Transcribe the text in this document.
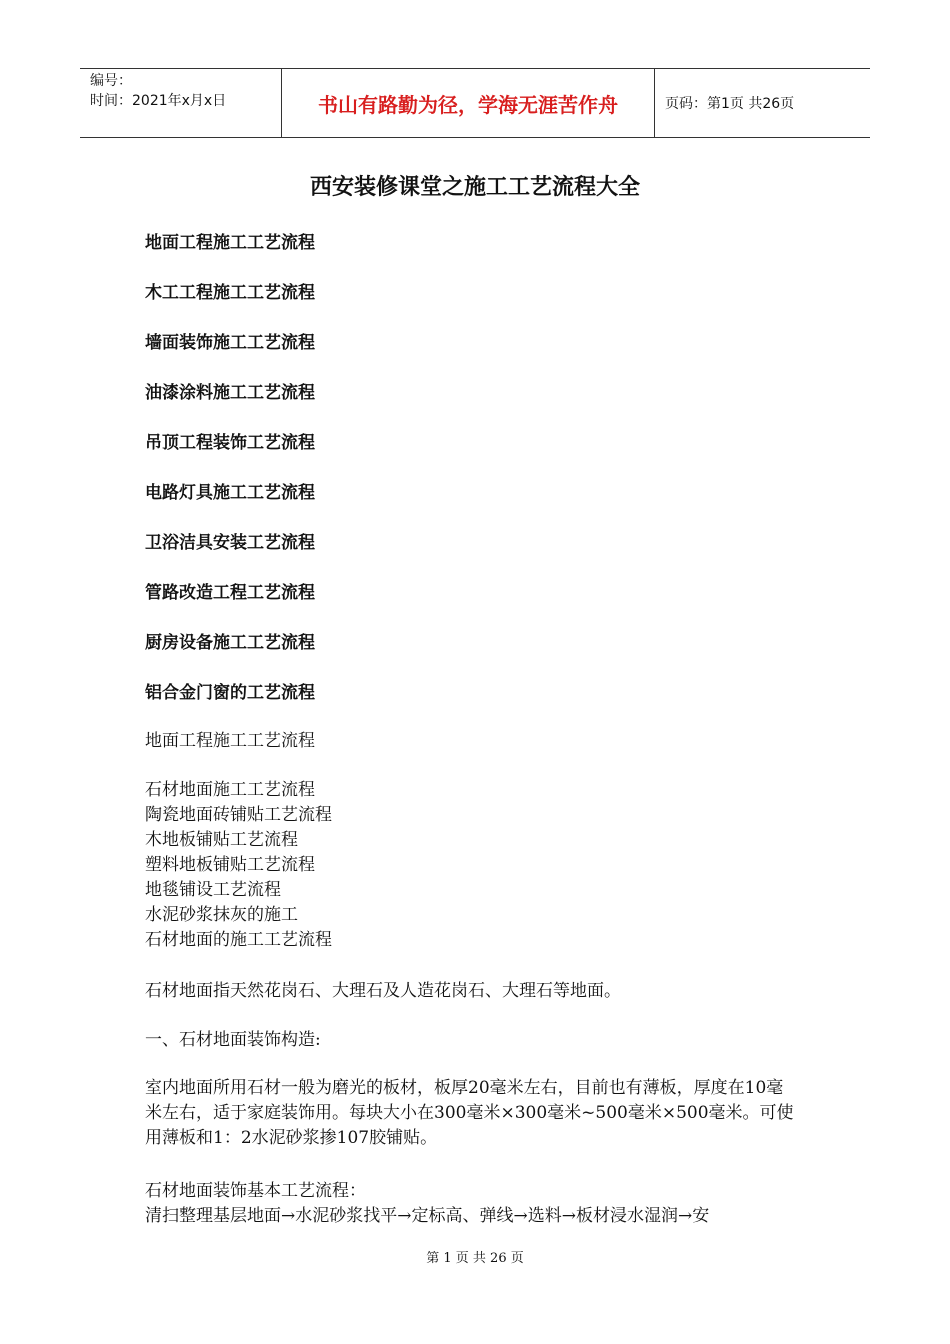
编号：
时间：2021年x月x日	书山有路勤为径，学海无涯苦作舟	页码：第1页 共26页
西安装修课堂之施工工艺流程大全
地面工程施工工艺流程
木工工程施工工艺流程
墙面装饰施工工艺流程
油漆涂料施工工艺流程
吊顶工程装饰工艺流程
电路灯具施工工艺流程
卫浴洁具安装工艺流程
管路改造工程工艺流程
厨房设备施工工艺流程
铝合金门窗的工艺流程
地面工程施工工艺流程
石材地面施工工艺流程
陶瓷地面砖铺贴工艺流程
木地板铺贴工艺流程
塑料地板铺贴工艺流程
地毯铺设工艺流程
水泥砂浆抹灰的施工
石材地面的施工工艺流程
石材地面指天然花岗石、大理石及人造花岗石、大理石等地面。
一、石材地面装饰构造:
室内地面所用石材一般为磨光的板材，板厚20毫米左右，目前也有薄板，厚度在10毫米左右，适于家庭装饰用。每块大小在300毫米×300毫米~500毫米×500毫米。可使用薄板和1：2水泥砂浆掺107胶铺贴。
石材地面装饰基本工艺流程：
清扫整理基层地面→水泥砂浆找平→定标高、弹线→选料→板材浸水湿润→安
第 1 页 共 26 页
